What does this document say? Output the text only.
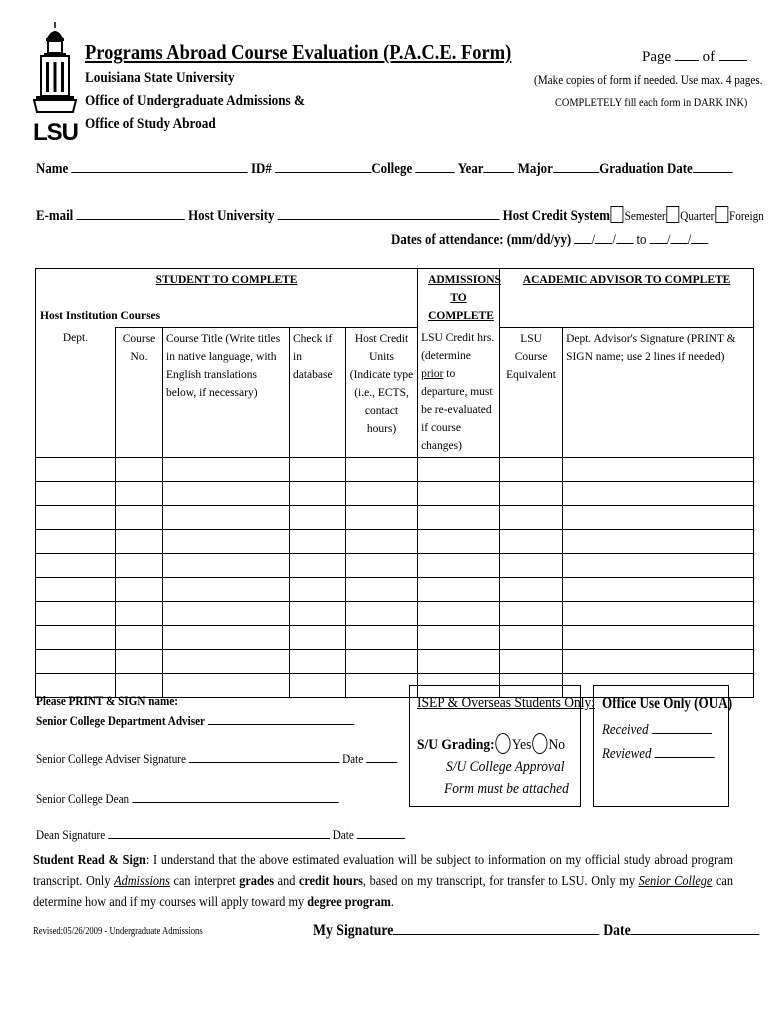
LSU
Programs Abroad Course Evaluation (P.A.C.E. Form)
Louisiana State University
Office of Undergraduate Admissions &
Office of Study Abroad
Page of
(Make copies of form if needed. Use max. 4 pages.
COMPLETELY fill each form in DARK INK)
Name	ID#	College	Year Major	Graduation Date
E-mail	Host University	Host Credit System Semester Quarter Foreign
Dates of attendance: (mm/dd/yy) / / to / /
STUDENT TO COMPLETE
Host Institution Courses					ADMISSIONS TO COMPLETE	ACADEMIC ADVISOR TO COMPLETE	

Dept.	Course No.	Course Title (Write titles in native language, with English translations below, if necessary)	Check if in database	Host Credit Units (Indicate type (i.e., ECTS, contact hours)	LSU Credit hrs. (determine prior to departure, must be re-evaluated if course changes)	LSU Course Equivalent	Dept. Advisor's Signature (PRINT & SIGN name; use 2 lines if needed)

Please PRINT & SIGN name:
Senior College Department Adviser
Senior College Adviser Signature	Date
Senior College Dean
Dean Signature	Date
ISEP & Overseas Students Only:
S/U Grading: Yes No
S/U College Approval
Form must be attached
Office Use Only (OUA)
Received
Reviewed
Student Read & Sign: I understand that the above estimated evaluation will be subject to information on my official study abroad program transcript. Only Admissions can interpret grades and credit hours, based on my transcript, for transfer to LSU. Only my Senior College can determine how and if my courses will apply toward my degree program.
Revised:05/26/2009 - Undergraduate Admissions	My Signature	Date
